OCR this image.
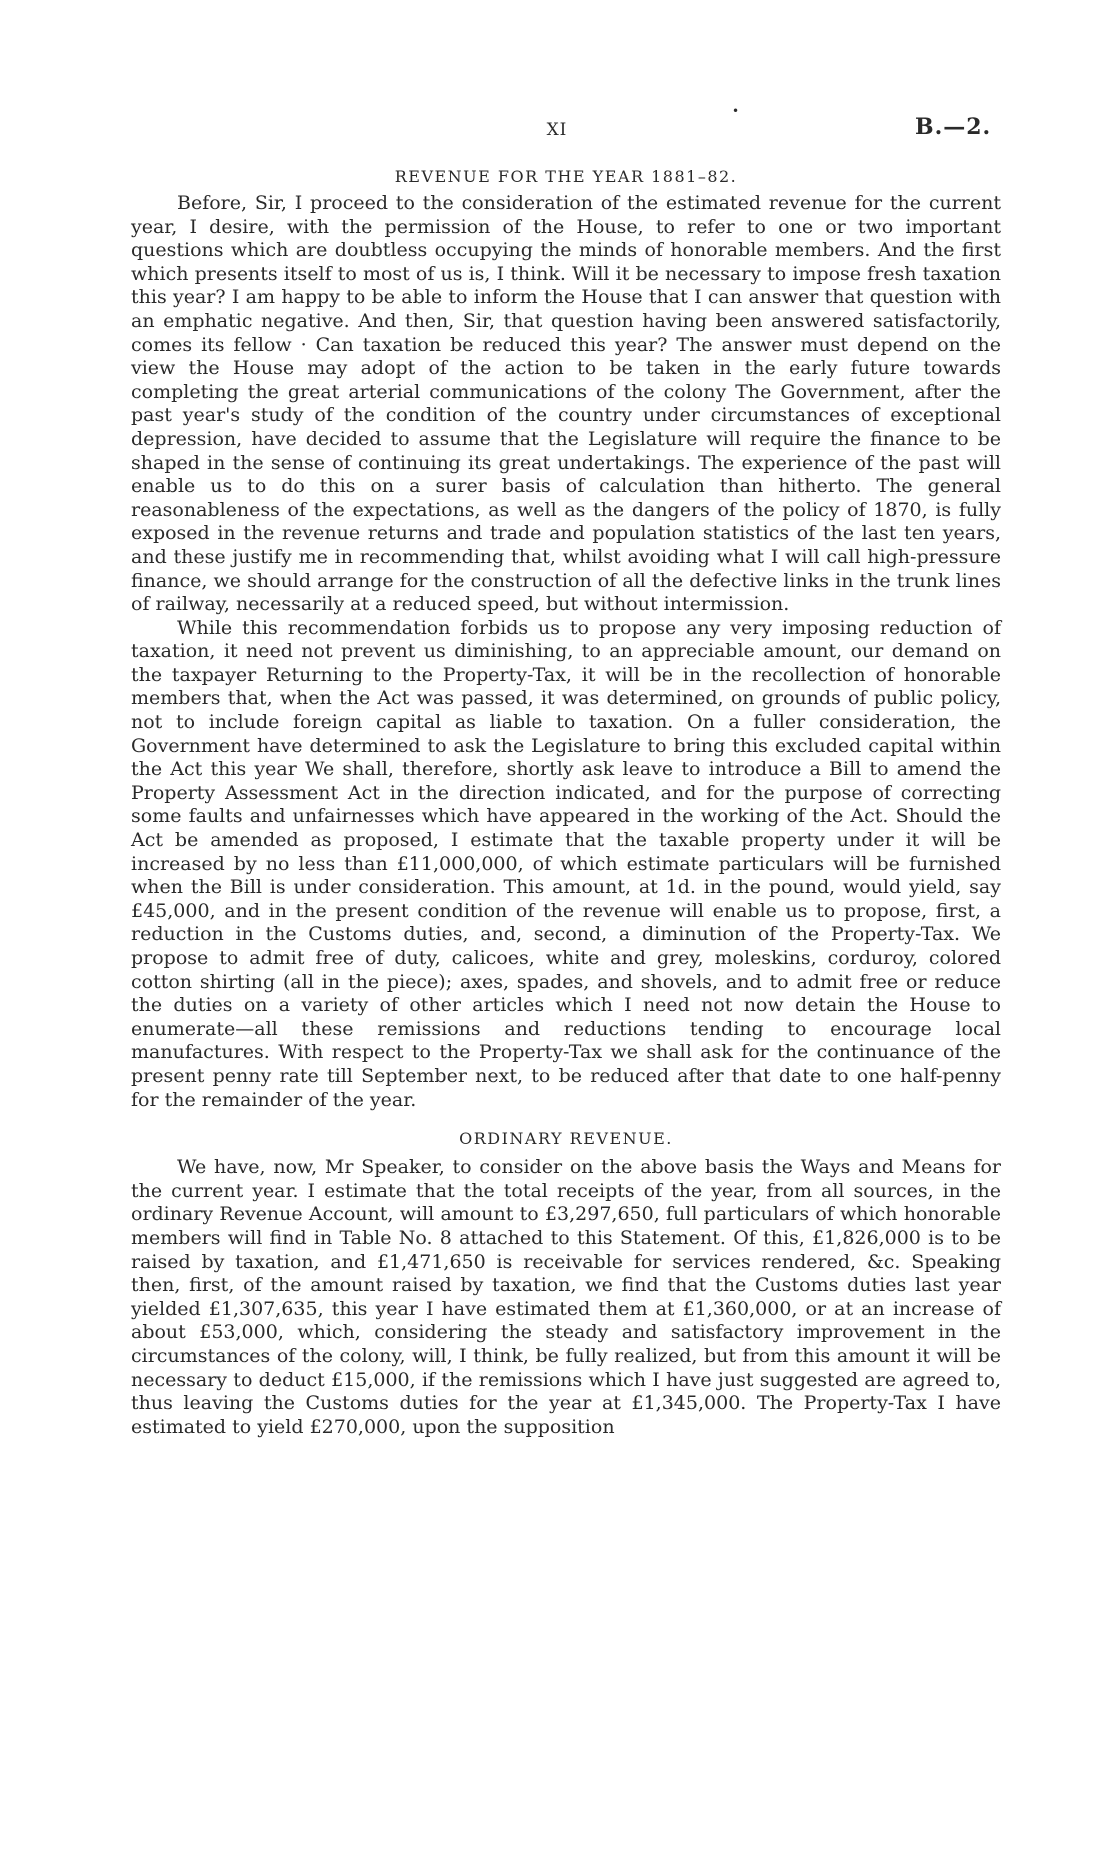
•
XI	B.—2.
REVENUE FOR THE YEAR 1881–82.

Before, Sir, I proceed to the consideration of the estimated revenue for the current year, I desire, with the permission of the House, to refer to one or two important questions which are doubtless occupying the minds of honorable members. And the first which presents itself to most of us is, I think. Will it be necessary to impose fresh taxation this year? I am happy to be able to inform the House that I can answer that question with an emphatic negative. And then, Sir, that question having been answered satisfactorily, comes its fellow · Can taxation be reduced this year? The answer must depend on the view the House may adopt of the action to be taken in the early future towards completing the great arterial communications of the colony The Government, after the past year's study of the condition of the country under circumstances of exceptional depression, have decided to assume that the Legislature will require the finance to be shaped in the sense of continuing its great undertakings. The experience of the past will enable us to do this on a surer basis of calculation than hitherto. The general reasonableness of the expectations, as well as the dangers of the policy of 1870, is fully exposed in the revenue returns and trade and population statistics of the last ten years, and these justify me in recommending that, whilst avoiding what I will call high-pressure finance, we should arrange for the construction of all the defective links in the trunk lines of railway, necessarily at a reduced speed, but without intermission.

While this recommendation forbids us to propose any very imposing reduction of taxation, it need not prevent us diminishing, to an appreciable amount, our demand on the taxpayer Returning to the Property-Tax, it will be in the recollection of honorable members that, when the Act was passed, it was determined, on grounds of public policy, not to include foreign capital as liable to taxation. On a fuller consideration, the Government have determined to ask the Legislature to bring this excluded capital within the Act this year We shall, therefore, shortly ask leave to introduce a Bill to amend the Property Assessment Act in the direction indicated, and for the purpose of correcting some faults and unfairnesses which have appeared in the working of the Act. Should the Act be amended as proposed, I estimate that the taxable property under it will be increased by no less than £11,000,000, of which estimate particulars will be furnished when the Bill is under consideration. This amount, at 1d. in the pound, would yield, say £45,000, and in the present condition of the revenue will enable us to propose, first, a reduction in the Customs duties, and, second, a diminution of the Property-Tax. We propose to admit free of duty, calicoes, white and grey, moleskins, corduroy, colored cotton shirting (all in the piece); axes, spades, and shovels, and to admit free or reduce the duties on a variety of other articles which I need not now detain the House to enumerate—all these remissions and reductions tending to encourage local manufactures. With respect to the Property-Tax we shall ask for the continuance of the present penny rate till September next, to be reduced after that date to one half-penny for the remainder of the year.

ORDINARY REVENUE.

We have, now, Mr Speaker, to consider on the above basis the Ways and Means for the current year. I estimate that the total receipts of the year, from all sources, in the ordinary Revenue Account, will amount to £3,297,650, full particulars of which honorable members will find in Table No. 8 attached to this Statement. Of this, £1,826,000 is to be raised by taxation, and £1,471,650 is receivable for services rendered, &c. Speaking then, first, of the amount raised by taxation, we find that the Customs duties last year yielded £1,307,635, this year I have estimated them at £1,360,000, or at an increase of about £53,000, which, considering the steady and satisfactory improvement in the circumstances of the colony, will, I think, be fully realized, but from this amount it will be necessary to deduct £15,000, if the remissions which I have just suggested are agreed to, thus leaving the Customs duties for the year at £1,345,000. The Property-Tax I have estimated to yield £270,000, upon the supposition
